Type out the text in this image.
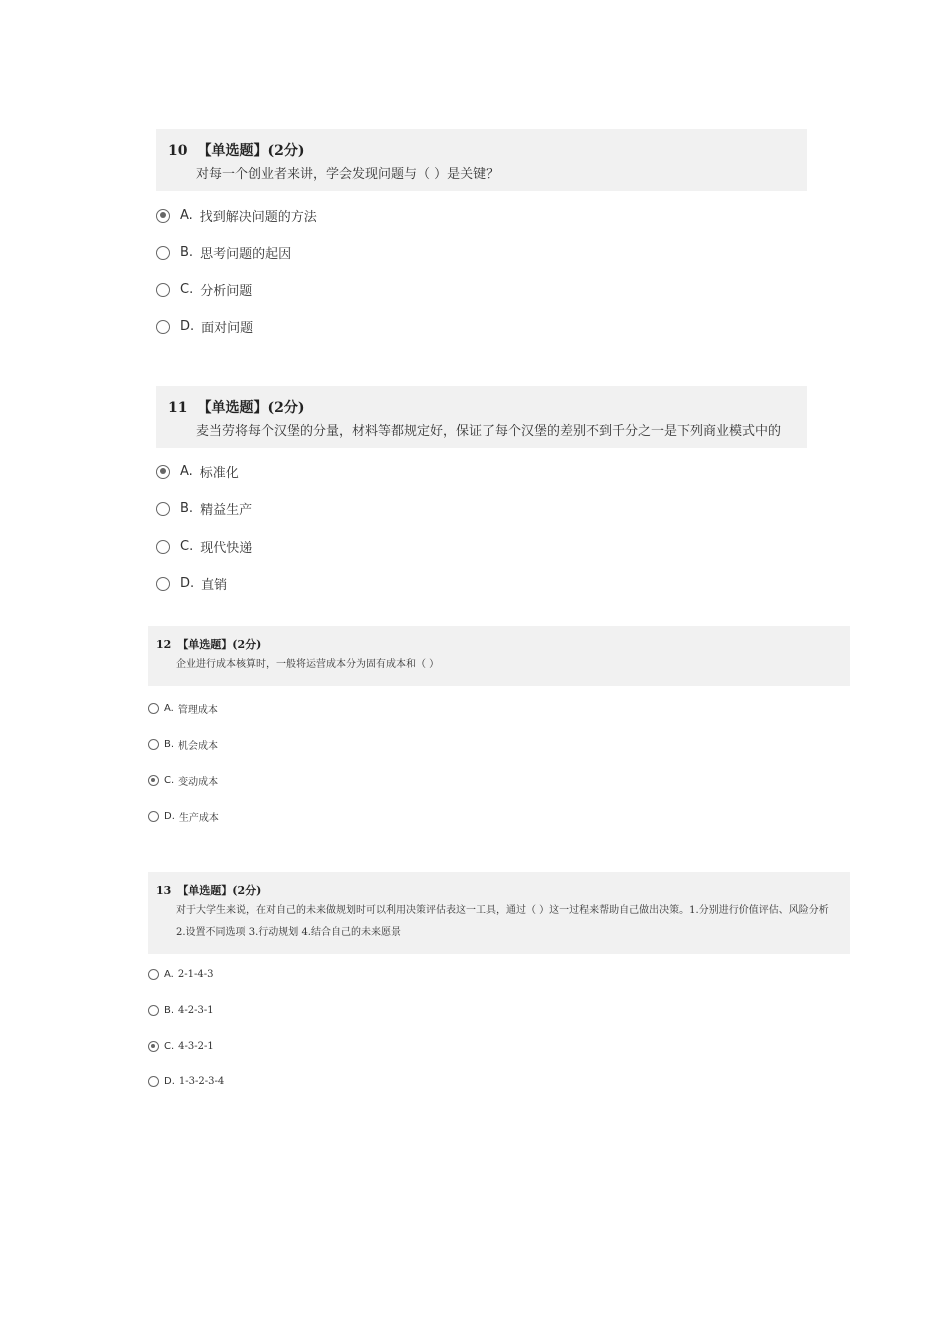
10 【单选题】(2分)
对每一个创业者来讲，学会发现问题与（ ）是关键？
A. 找到解决问题的方法
B. 思考问题的起因
C. 分析问题
D. 面对问题
11 【单选题】(2分)
麦当劳将每个汉堡的分量，材料等都规定好，保证了每个汉堡的差别不到千分之一是下列商业模式中的
A. 标准化
B. 精益生产
C. 现代快递
D. 直销
12 【单选题】(2分)
企业进行成本核算时，一般将运营成本分为固有成本和（ ）
A. 管理成本
B. 机会成本
C. 变动成本
D. 生产成本
13 【单选题】(2分)
对于大学生来说，在对自己的未来做规划时可以利用决策评估表这一工具，通过（ ）这一过程来帮助自己做出决策。1.分别进行价值评估、风险分析 2.设置不同选项 3.行动规划 4.结合自己的未来愿景
A. 2-1-4-3
B. 4-2-3-1
C. 4-3-2-1
D. 1-3-2-3-4
